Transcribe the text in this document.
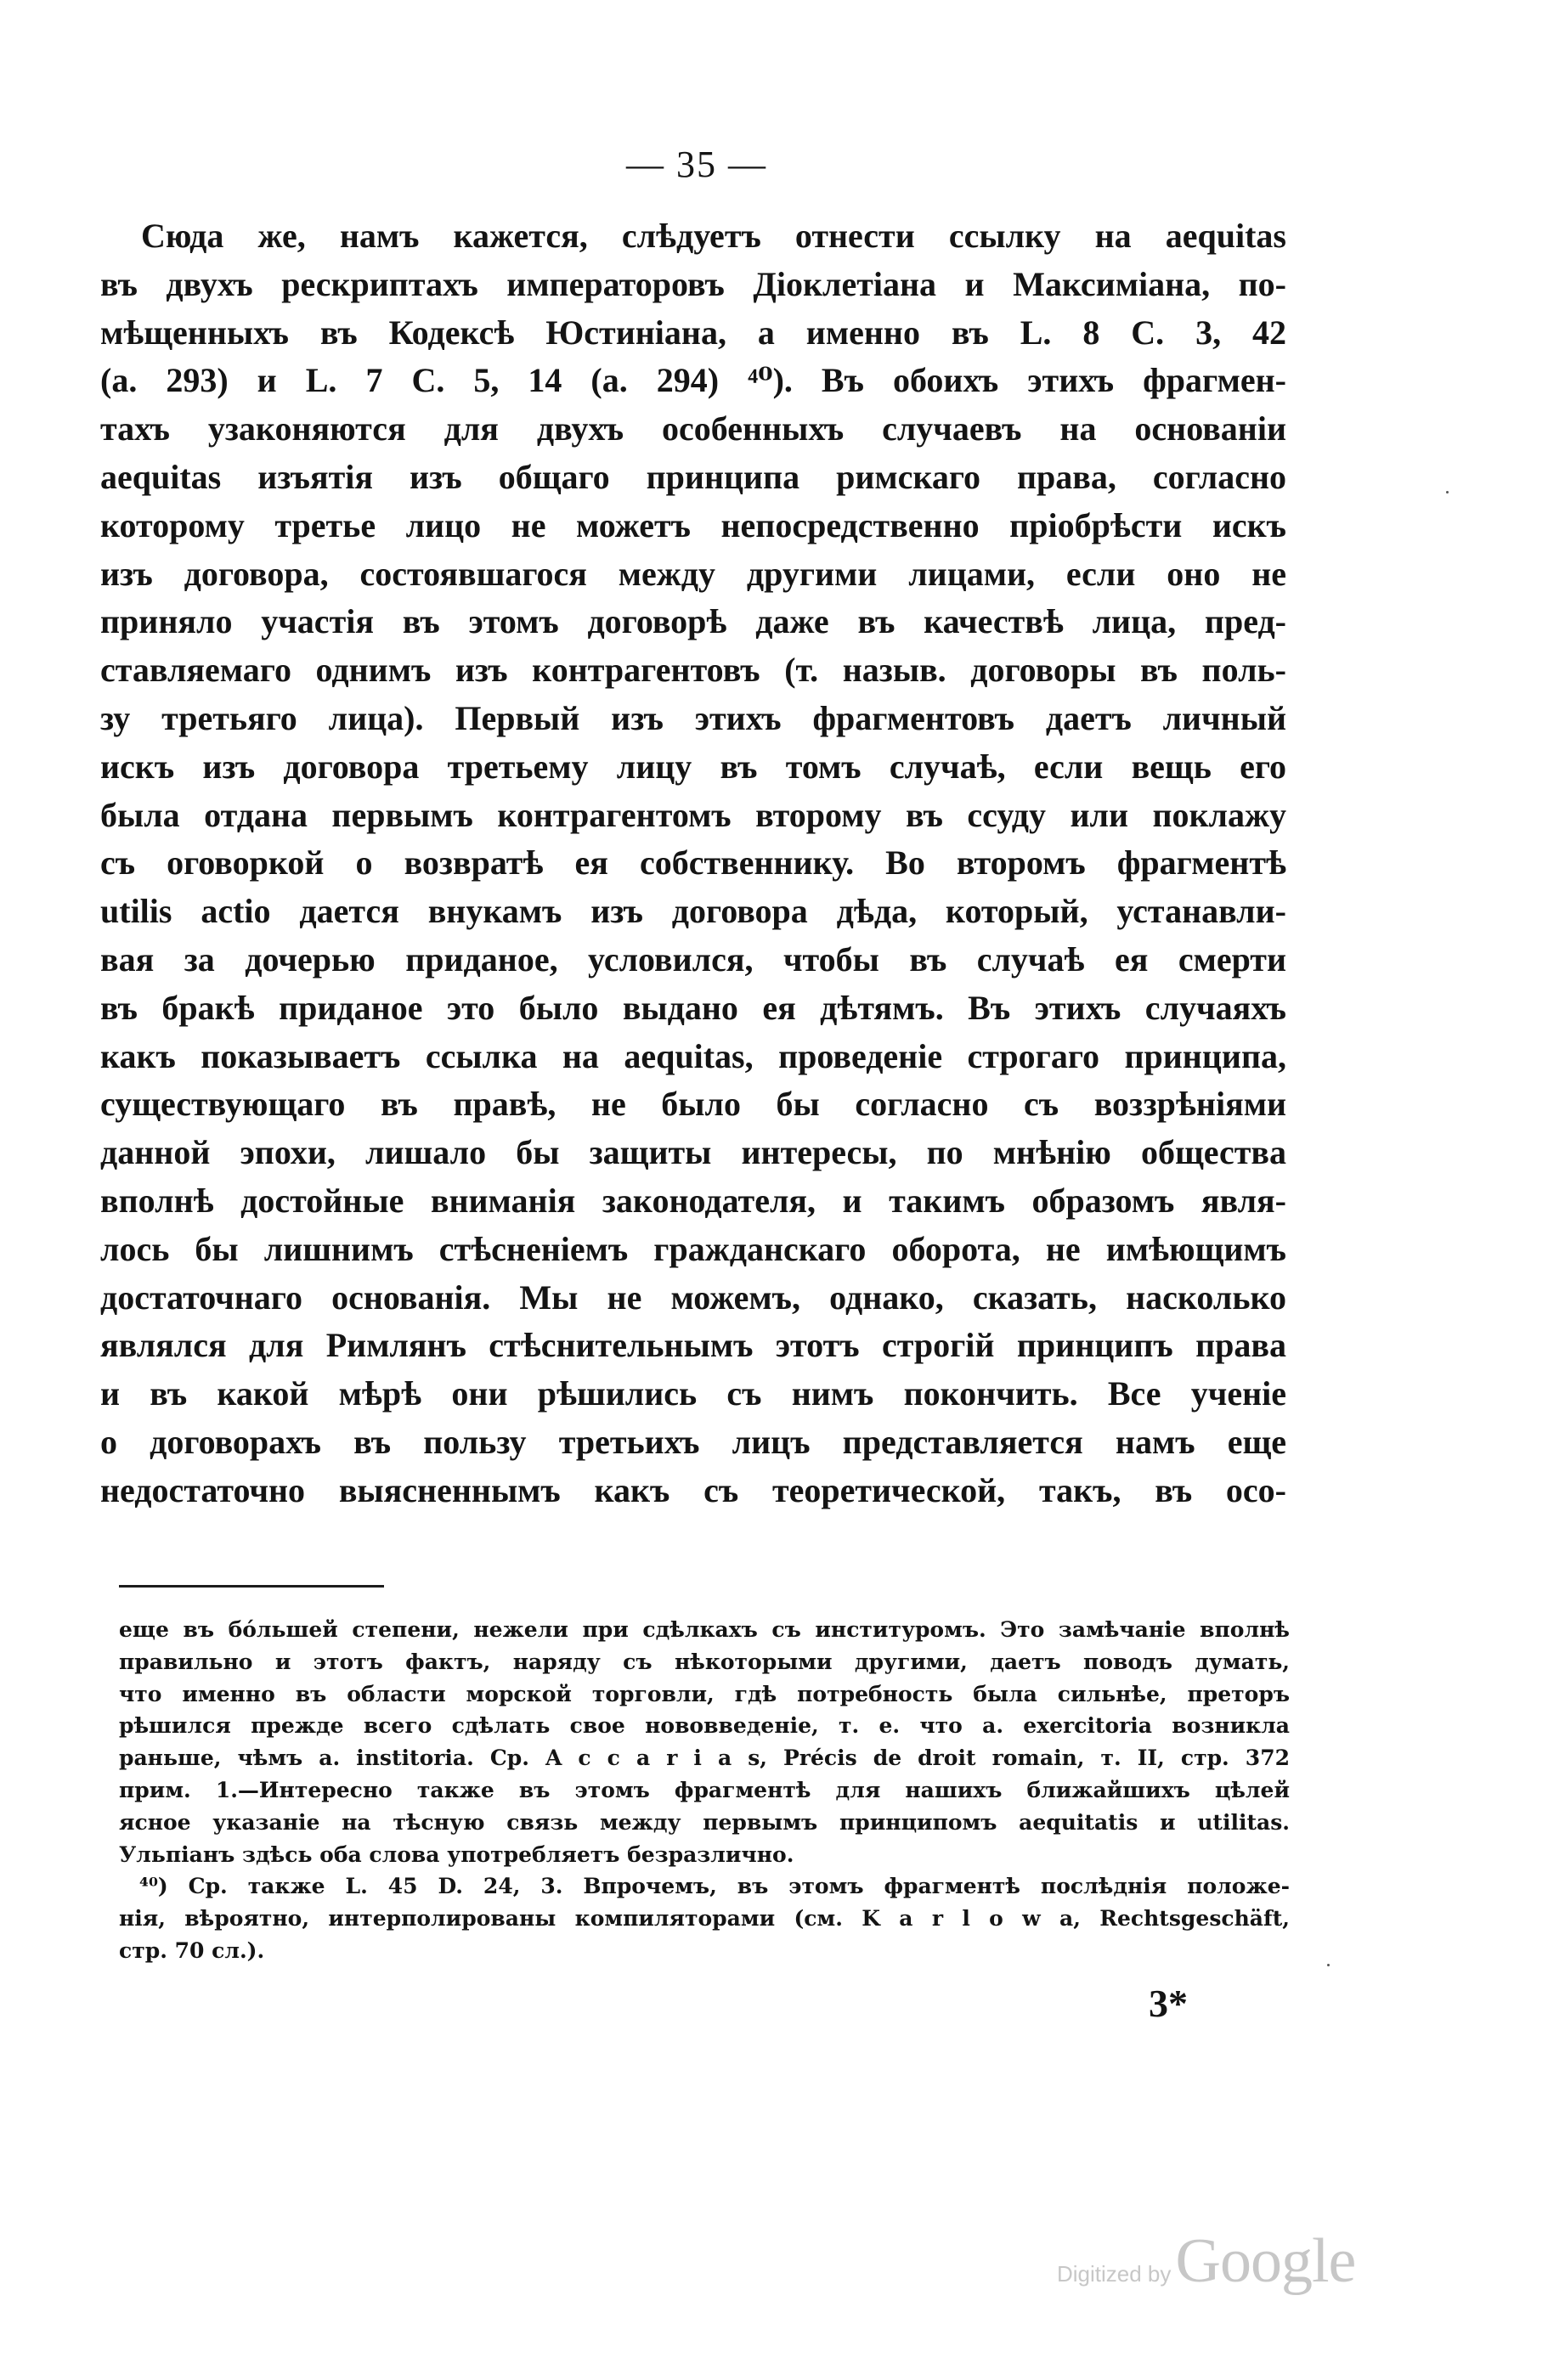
— 35 —
Сюда же, намъ кажется, слѣдуетъ отнести ссылку на aequitas
въ двухъ рескриптахъ императоровъ Діоклетіана и Максиміана, по-
мѣщенныхъ въ Кодексѣ Юстиніана, а именно въ L. 8 C. 3, 42
(a. 293) и L. 7 C. 5, 14 (a. 294) ⁴⁰). Въ обоихъ этихъ фрагмен-
тахъ узаконяются для двухъ особенныхъ случаевъ на основаніи
aequitas изъятія изъ общаго принципа римскаго права, согласно
которому третье лицо не можетъ непосредственно пріобрѣсти искъ
изъ договора, состоявшагося между другими лицами, если оно не
приняло участія въ этомъ договорѣ даже въ качествѣ лица, пред-
ставляемаго однимъ изъ контрагентовъ (т. назыв. договоры въ поль-
зу третьяго лица). Первый изъ этихъ фрагментовъ даетъ личный
искъ изъ договора третьему лицу въ томъ случаѣ, если вещь его
была отдана первымъ контрагентомъ второму въ ссуду или поклажу
съ оговоркой о возвратѣ ея собственнику. Во второмъ фрагментѣ
utilis actio дается внукамъ изъ договора дѣда, который, устанавли-
вая за дочерью приданое, условился, чтобы въ случаѣ ея смерти
въ бракѣ приданое это было выдано ея дѣтямъ. Въ этихъ случаяхъ
какъ показываетъ ссылка на aequitas, проведеніе строгаго принципа,
существующаго въ правѣ, не было бы согласно съ воззрѣніями
данной эпохи, лишало бы защиты интересы, по мнѣнію общества
вполнѣ достойные вниманія законодателя, и такимъ образомъ явля-
лось бы лишнимъ стѣсненіемъ гражданскаго оборота, не имѣющимъ
достаточнаго основанія. Мы не можемъ, однако, сказать, насколько
являлся для Римлянъ стѣснительнымъ этотъ строгій принципъ права
и въ какой мѣрѣ они рѣшились съ нимъ покончить. Все ученіе
о договорахъ въ пользу третьихъ лицъ представляется намъ еще
недостаточно выясненнымъ какъ съ теоретической, такъ, въ осо-
еще въ бóльшей степени, нежели при сдѣлкахъ съ институромъ. Это замѣчаніе вполнѣ
правильно и этотъ фактъ, наряду съ нѣкоторыми другими, даетъ поводъ думать,
что именно въ области морской торговли, гдѣ потребность была сильнѣе, преторъ
рѣшился прежде всего сдѣлать свое нововведеніе, т. е. что a. exercitoria возникла
раньше, чѣмъ a. institoria. Cp. A c c a r i a s, Précis de droit romain, т. II, стр. 372
прим. 1.—Интересно также въ этомъ фрагментѣ для нашихъ ближайшихъ цѣлей
ясное указаніе на тѣсную связь между первымъ принципомъ aequitatis и utilitas.
Ульпіанъ здѣсь оба слова употребляетъ безразлично.
⁴⁰) Cp. также L. 45 D. 24, 3. Впрочемъ, въ этомъ фрагментѣ послѣднія положе-
нія, вѣроятно, интерполированы компиляторами (см. K a r l o w a, Rechtsgeschäft,
стр. 70 сл.).
3*
Digitized by Google
